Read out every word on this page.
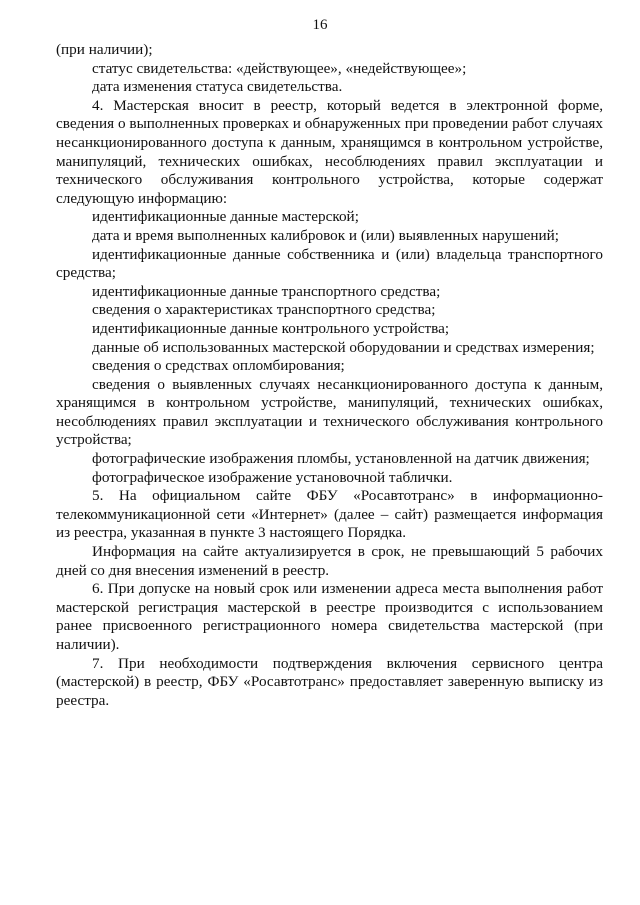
16

(при наличии);

статус свидетельства: «действующее», «недействующее»;

дата изменения статуса свидетельства.

4. Мастерская вносит в реестр, который ведется в электронной форме, сведения о выполненных проверках и обнаруженных при проведении работ случаях несанкционированного доступа к данным, хранящимся в контрольном устройстве, манипуляций, технических ошибках, несоблюдениях правил эксплуатации и технического обслуживания контрольного устройства, которые содержат следующую информацию:

идентификационные данные мастерской;

дата и время выполненных калибровок и (или) выявленных нарушений;

идентификационные данные собственника и (или) владельца транспортного средства;

идентификационные данные транспортного средства;

сведения о характеристиках транспортного средства;

идентификационные данные контрольного устройства;

данные об использованных мастерской оборудовании и средствах измерения;

сведения о средствах опломбирования;

сведения о выявленных случаях несанкционированного доступа к данным, хранящимся в контрольном устройстве, манипуляций, технических ошибках, несоблюдениях правил эксплуатации и технического обслуживания контрольного устройства;

фотографические изображения пломбы, установленной на датчик движения;

фотографическое изображение установочной таблички.

5. На официальном сайте ФБУ «Росавтотранс» в информационно-телекоммуникационной сети «Интернет» (далее – сайт) размещается информация из реестра, указанная в пункте 3 настоящего Порядка.

Информация на сайте актуализируется в срок, не превышающий 5 рабочих дней со дня внесения изменений в реестр.

6. При допуске на новый срок или изменении адреса места выполнения работ мастерской регистрация мастерской в реестре производится с использованием ранее присвоенного регистрационного номера свидетельства мастерской (при наличии).

7. При необходимости подтверждения включения сервисного центра (мастерской) в реестр, ФБУ «Росавтотранс» предоставляет заверенную выписку из реестра.
